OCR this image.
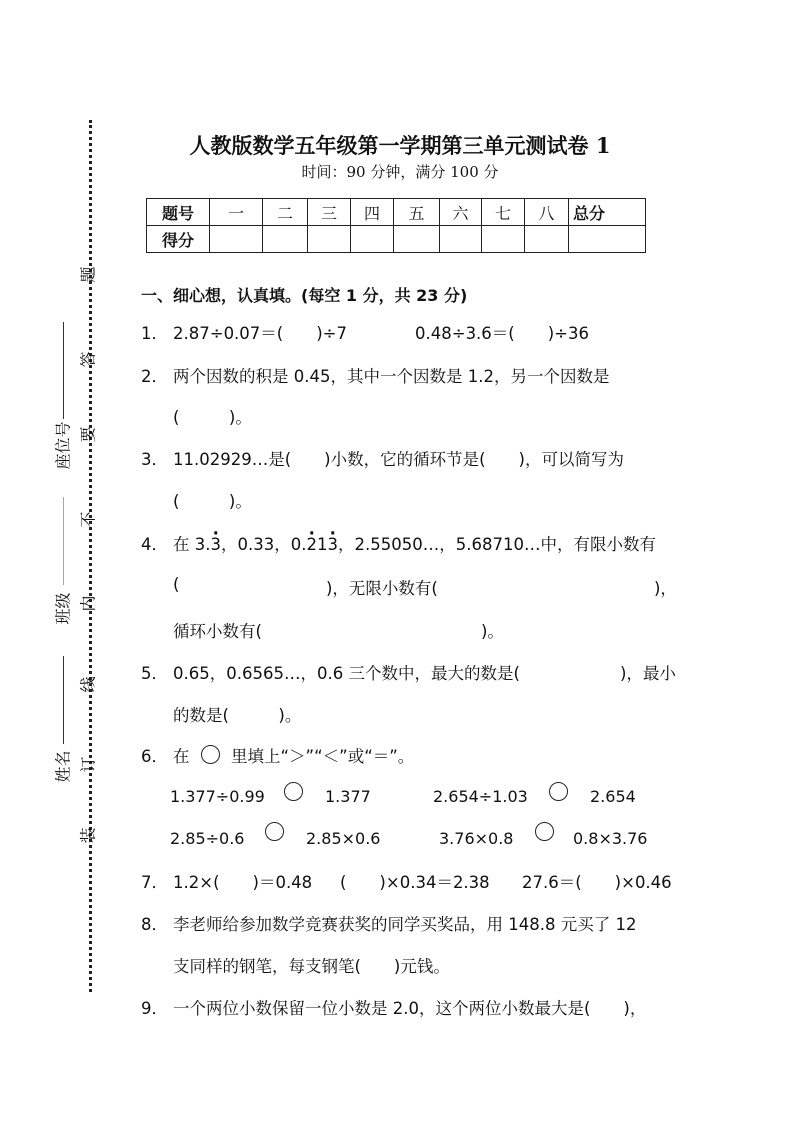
题
答
要
不
内
线
订
装
座位号
班级
姓名
人教版数学五年级第一学期第三单元测试卷 1
时间：90 分钟，满分 100 分
题号	一	二	三	四	五	六	七	八	总分
得分									
一、细心想，认真填。(每空 1 分，共 23 分)
1． 2.87÷0.07＝(　　)÷7	0.48÷3.6＝(　　)÷36
2． 两个因数的积是 0.45，其中一个因数是 1.2，另一个因数是
(　　　)。
3． 11.02929…是(　　)小数，它的循环节是(　　)，可以简写为
(　　　)。
4． 在 3.· 3，0.33，0.· 21· 3，2.55050…，5.68710…中，有限小数有
(	)，无限小数有(	)，
循环小数有(	)。
5． 0.65，0.6565…，0.6 三个数中，最大的数是(	)，最小
的数是(　　　)。
6． 在	里填上“＞”“＜”或“＝”。
1.377÷0.99	1.377	2.654÷1.03	2.654
2.85÷0.6	2.85×0.6	3.76×0.8	0.8×3.76
7． 1.2×(　　)＝0.48 (　　)×0.34＝2.38 27.6＝(　　)×0.46
8． 李老师给参加数学竞赛获奖的同学买奖品，用 148.8 元买了 12
支同样的钢笔，每支钢笔(　　)元钱。
9． 一个两位小数保留一位小数是 2.0，这个两位小数最大是(　　)，
